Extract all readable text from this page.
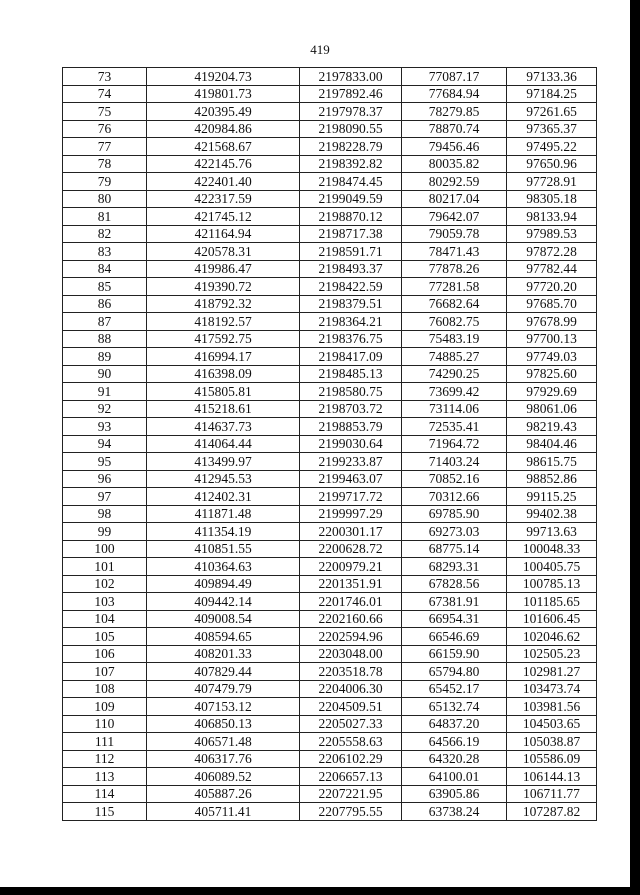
419
73	419204.73	2197833.00	77087.17	97133.36
74	419801.73	2197892.46	77684.94	97184.25
75	420395.49	2197978.37	78279.85	97261.65
76	420984.86	2198090.55	78870.74	97365.37
77	421568.67	2198228.79	79456.46	97495.22
78	422145.76	2198392.82	80035.82	97650.96
79	422401.40	2198474.45	80292.59	97728.91
80	422317.59	2199049.59	80217.04	98305.18
81	421745.12	2198870.12	79642.07	98133.94
82	421164.94	2198717.38	79059.78	97989.53
83	420578.31	2198591.71	78471.43	97872.28
84	419986.47	2198493.37	77878.26	97782.44
85	419390.72	2198422.59	77281.58	97720.20
86	418792.32	2198379.51	76682.64	97685.70
87	418192.57	2198364.21	76082.75	97678.99
88	417592.75	2198376.75	75483.19	97700.13
89	416994.17	2198417.09	74885.27	97749.03
90	416398.09	2198485.13	74290.25	97825.60
91	415805.81	2198580.75	73699.42	97929.69
92	415218.61	2198703.72	73114.06	98061.06
93	414637.73	2198853.79	72535.41	98219.43
94	414064.44	2199030.64	71964.72	98404.46
95	413499.97	2199233.87	71403.24	98615.75
96	412945.53	2199463.07	70852.16	98852.86
97	412402.31	2199717.72	70312.66	99115.25
98	411871.48	2199997.29	69785.90	99402.38
99	411354.19	2200301.17	69273.03	99713.63
100	410851.55	2200628.72	68775.14	100048.33
101	410364.63	2200979.21	68293.31	100405.75
102	409894.49	2201351.91	67828.56	100785.13
103	409442.14	2201746.01	67381.91	101185.65
104	409008.54	2202160.66	66954.31	101606.45
105	408594.65	2202594.96	66546.69	102046.62
106	408201.33	2203048.00	66159.90	102505.23
107	407829.44	2203518.78	65794.80	102981.27
108	407479.79	2204006.30	65452.17	103473.74
109	407153.12	2204509.51	65132.74	103981.56
110	406850.13	2205027.33	64837.20	104503.65
111	406571.48	2205558.63	64566.19	105038.87
112	406317.76	2206102.29	64320.28	105586.09
113	406089.52	2206657.13	64100.01	106144.13
114	405887.26	2207221.95	63905.86	106711.77
115	405711.41	2207795.55	63738.24	107287.82
